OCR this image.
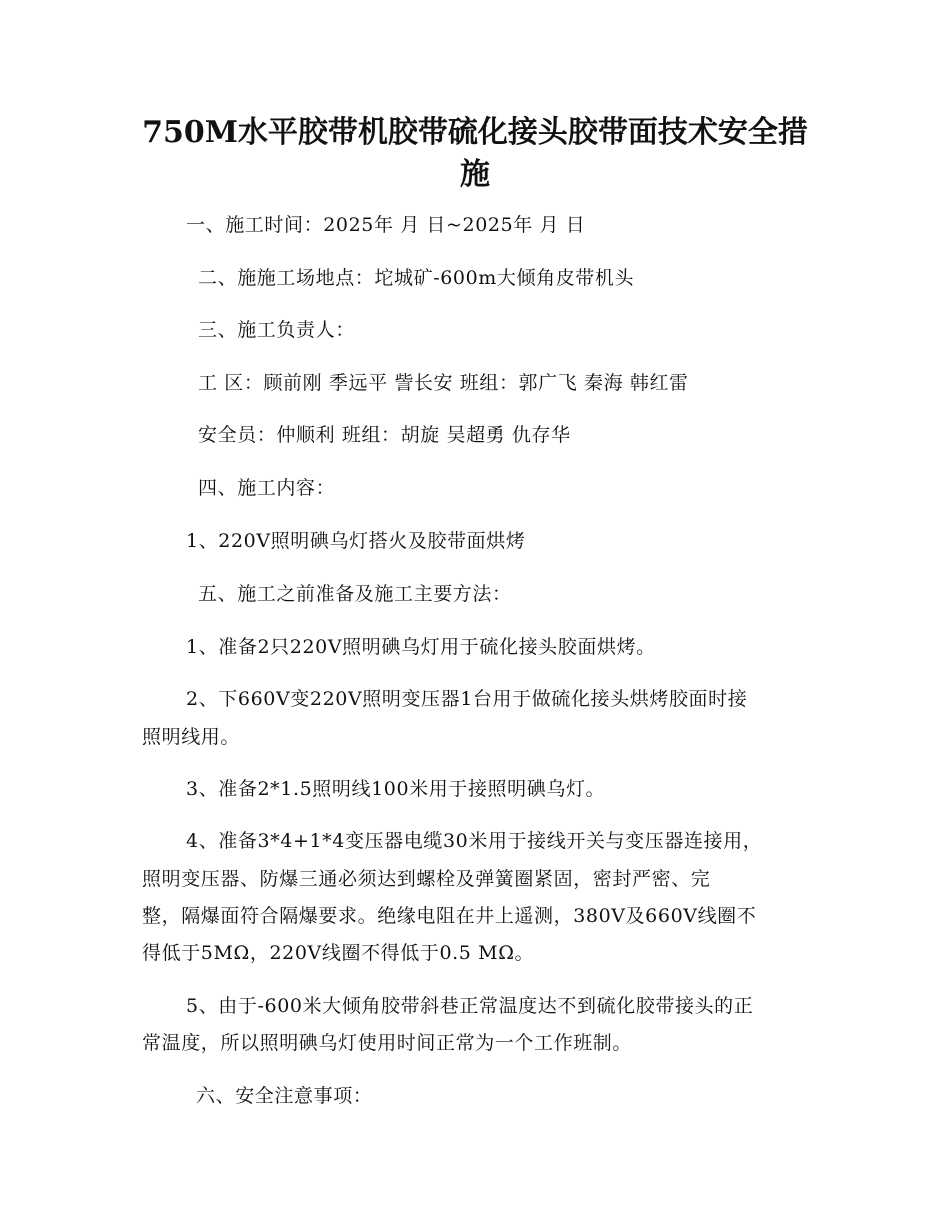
750M水平胶带机胶带硫化接头胶带面技术安全措
施
一、施工时间：2025年 月 日~2025年 月 日
二、施施工场地点：坨城矿-600m大倾角皮带机头
三、施工负责人：
工 区：顾前刚 季远平 訾长安 班组：郭广飞 秦海 韩红雷
安全员：仲顺利 班组：胡旋 吴超勇 仇存华
四、施工内容：
1、220V照明碘乌灯搭火及胶带面烘烤
五、施工之前准备及施工主要方法：
1、准备2只220V照明碘乌灯用于硫化接头胶面烘烤。
2、下660V变220V照明变压器1台用于做硫化接头烘烤胶面时接
照明线用。
3、准备2*1.5照明线100米用于接照明碘乌灯。
4、准备3*4+1*4变压器电缆30米用于接线开关与变压器连接用，
照明变压器、防爆三通必须达到螺栓及弹簧圈紧固，密封严密、完
整，隔爆面符合隔爆要求。绝缘电阻在井上遥测，380V及660V线圈不
得低于5MΩ，220V线圈不得低于0.5 MΩ。
5、由于-600米大倾角胶带斜巷正常温度达不到硫化胶带接头的正
常温度，所以照明碘乌灯使用时间正常为一个工作班制。
六、安全注意事项：
